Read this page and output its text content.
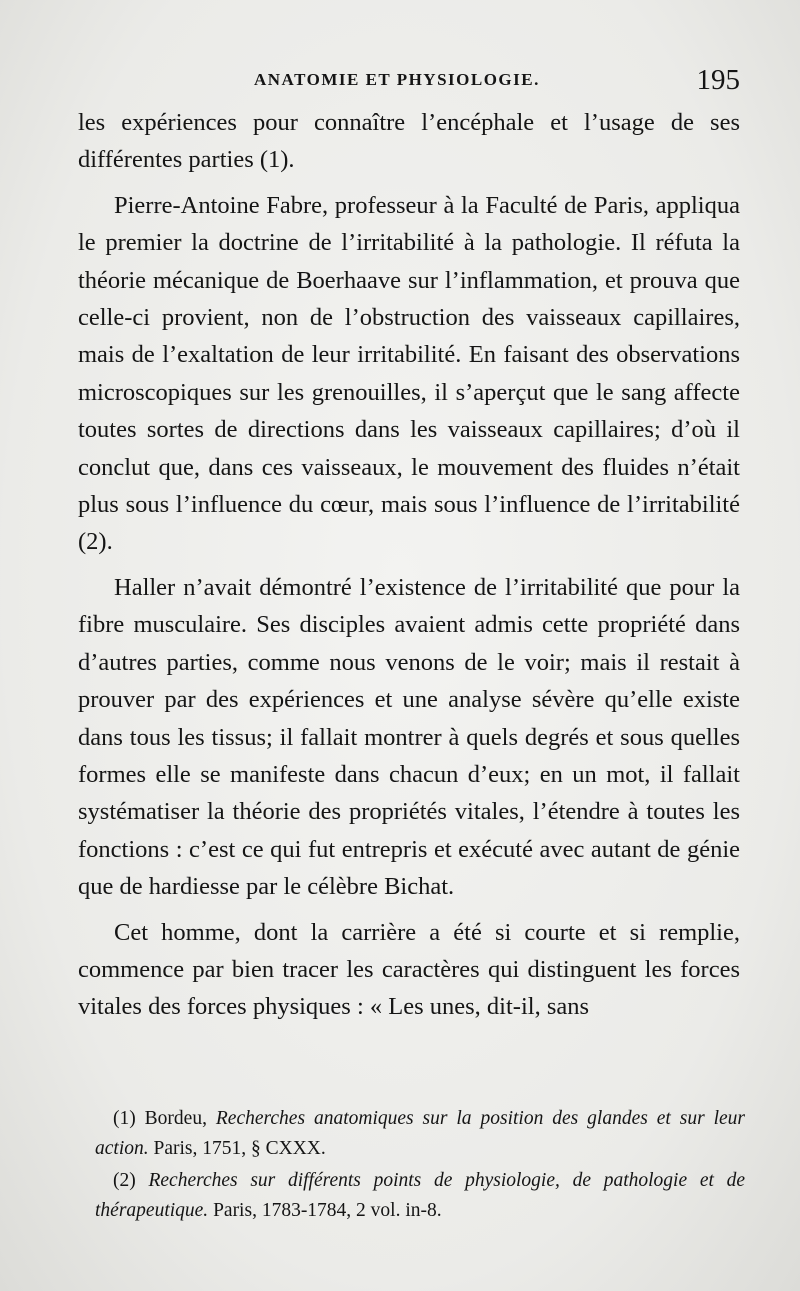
ANATOMIE ET PHYSIOLOGIE.	195

les expériences pour connaître l’encéphale et l’usage de ses différentes parties (1).

Pierre-Antoine Fabre, professeur à la Faculté de Paris, appliqua le premier la doctrine de l’irritabilité à la pathologie. Il réfuta la théorie mécanique de Boerhaave sur l’inflammation, et prouva que celle-ci provient, non de l’obstruction des vaisseaux capillaires, mais de l’exaltation de leur irritabilité. En faisant des observations microscopiques sur les grenouilles, il s’aperçut que le sang affecte toutes sortes de directions dans les vaisseaux capillaires; d’où il conclut que, dans ces vaisseaux, le mouvement des fluides n’était plus sous l’influence du cœur, mais sous l’influence de l’irritabilité (2).

Haller n’avait démontré l’existence de l’irritabilité que pour la fibre musculaire. Ses disciples avaient admis cette propriété dans d’autres parties, comme nous venons de le voir; mais il restait à prouver par des expériences et une analyse sévère qu’elle existe dans tous les tissus; il fallait montrer à quels degrés et sous quelles formes elle se manifeste dans chacun d’eux; en un mot, il fallait systématiser la théorie des propriétés vitales, l’étendre à toutes les fonctions : c’est ce qui fut entrepris et exécuté avec autant de génie que de hardiesse par le célèbre Bichat.

Cet homme, dont la carrière a été si courte et si remplie, commence par bien tracer les caractères qui distinguent les forces vitales des forces physiques : « Les unes, dit-il, sans

(1) Bordeu, Recherches anatomiques sur la position des glandes et sur leur action. Paris, 1751, § CXXX.

(2) Recherches sur différents points de physiologie, de pathologie et de thérapeutique. Paris, 1783-1784, 2 vol. in-8.
